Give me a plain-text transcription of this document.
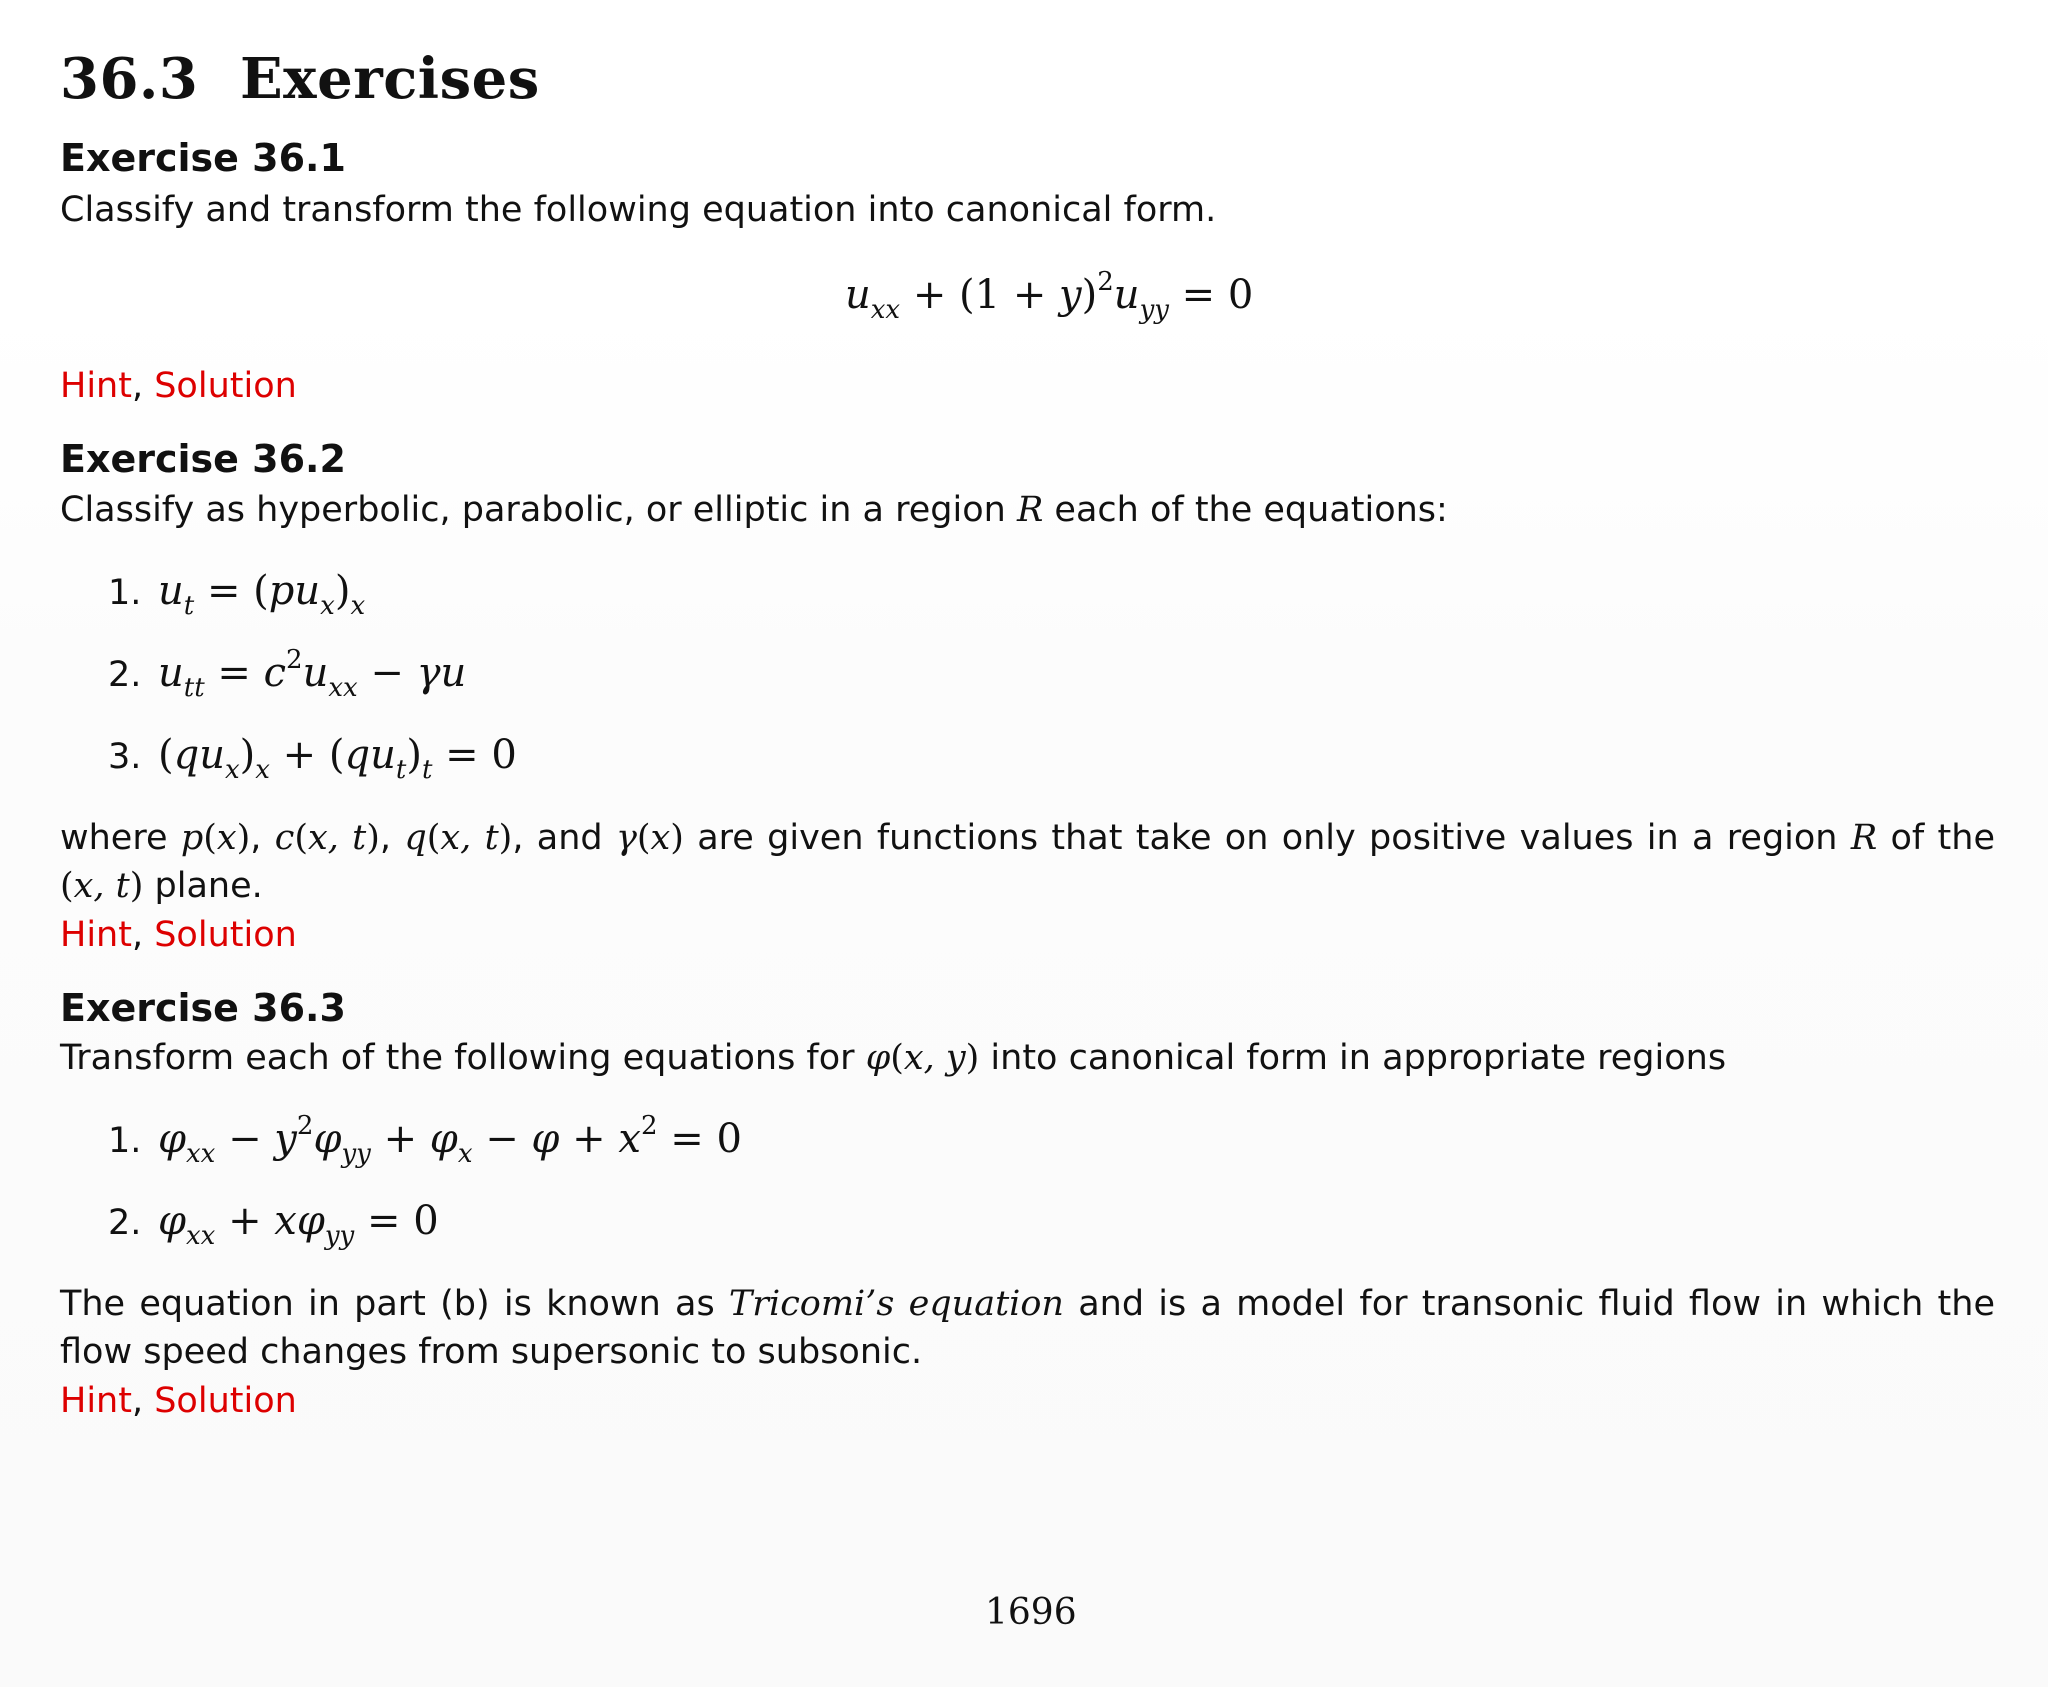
36.3 Exercises
Exercise 36.1
Classify and transform the following equation into canonical form.
$u_{xx} + (1 + y)^2u_{yy} = 0$
Hint, Solution
Exercise 36.2
Classify as hyperbolic, parabolic, or elliptic in a region R each of the equations:
1. $u_t = (pu_x)_x$
2. $u_{tt} = c^2u_{xx} - \gamma u$
3. $(qu_x)_x + (qu_t)_t = 0$
where p(x), c(x, t), q(x, t), and γ(x) are given functions that take on only positive values in a region R of the (x, t) plane.
Hint, Solution
Exercise 36.3
Transform each of the following equations for φ(x, y) into canonical form in appropriate regions
1. $\varphi_{xx} - y^2\varphi_{yy} + \varphi_x - \varphi + x^2 = 0$
2. $\varphi_{xx} + x\varphi_{yy} = 0$
The equation in part (b) is known as Tricomi’s equation and is a model for transonic fluid flow in which the flow speed changes from supersonic to subsonic.
Hint, Solution
1696
